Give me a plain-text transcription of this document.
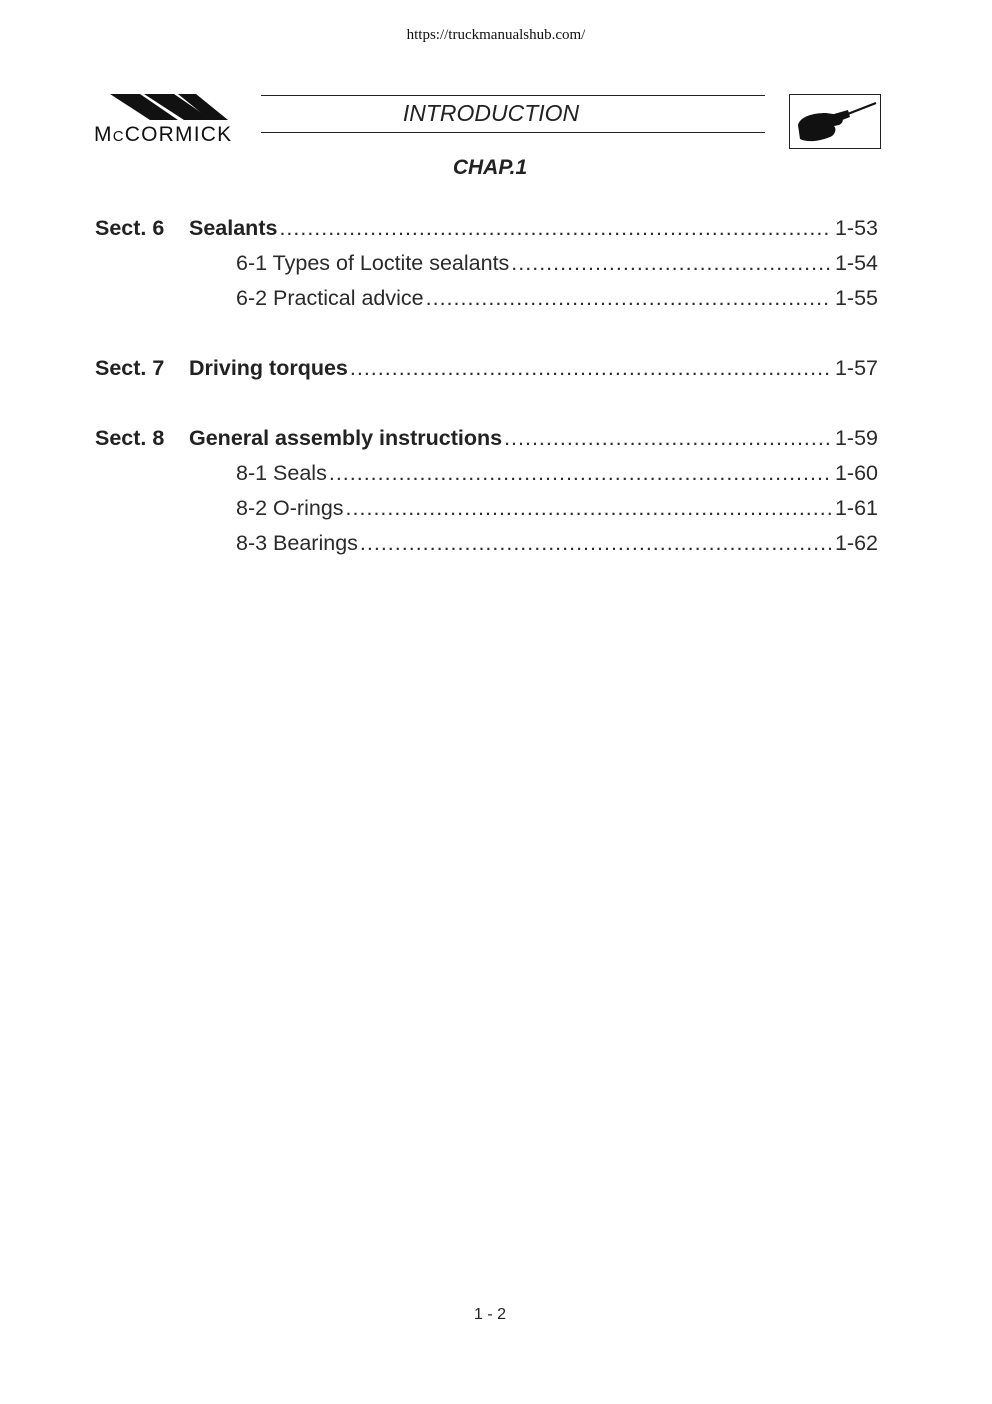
https://truckmanualshub.com/
MCCORMICK
INTRODUCTION
CHAP.1
Sect. 6 Sealants .....	1-53
6-1 Types of Loctite sealants .....	1-54
6-2 Practical advice .....	1-55
Sect. 7 Driving torques .....	1-57
Sect. 8 General assembly instructions .....	1-59
8-1 Seals .....	1-60
8-2 O-rings .....	1-61
8-3 Bearings .....	1-62
1 - 2
